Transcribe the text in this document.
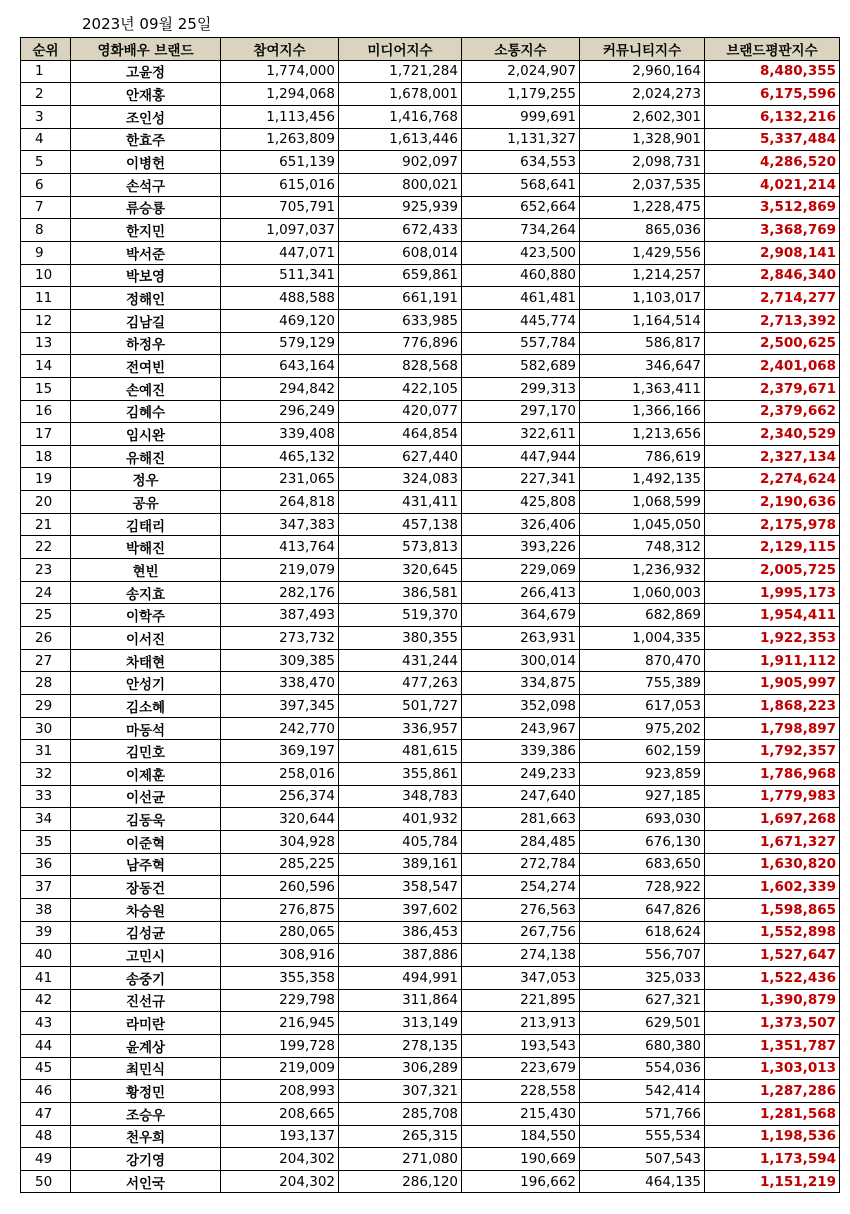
2023년 09월 25일
순위	영화배우 브랜드	참여지수	미디어지수	소통지수	커뮤니티지수	브랜드평판지수
1	고윤정	1,774,000	1,721,284	2,024,907	2,960,164	8,480,355
2	안재홍	1,294,068	1,678,001	1,179,255	2,024,273	6,175,596
3	조인성	1,113,456	1,416,768	999,691	2,602,301	6,132,216
4	한효주	1,263,809	1,613,446	1,131,327	1,328,901	5,337,484
5	이병헌	651,139	902,097	634,553	2,098,731	4,286,520
6	손석구	615,016	800,021	568,641	2,037,535	4,021,214
7	류승룡	705,791	925,939	652,664	1,228,475	3,512,869
8	한지민	1,097,037	672,433	734,264	865,036	3,368,769
9	박서준	447,071	608,014	423,500	1,429,556	2,908,141
10	박보영	511,341	659,861	460,880	1,214,257	2,846,340
11	정해인	488,588	661,191	461,481	1,103,017	2,714,277
12	김남길	469,120	633,985	445,774	1,164,514	2,713,392
13	하정우	579,129	776,896	557,784	586,817	2,500,625
14	전여빈	643,164	828,568	582,689	346,647	2,401,068
15	손예진	294,842	422,105	299,313	1,363,411	2,379,671
16	김혜수	296,249	420,077	297,170	1,366,166	2,379,662
17	임시완	339,408	464,854	322,611	1,213,656	2,340,529
18	유해진	465,132	627,440	447,944	786,619	2,327,134
19	정우	231,065	324,083	227,341	1,492,135	2,274,624
20	공유	264,818	431,411	425,808	1,068,599	2,190,636
21	김태리	347,383	457,138	326,406	1,045,050	2,175,978
22	박해진	413,764	573,813	393,226	748,312	2,129,115
23	현빈	219,079	320,645	229,069	1,236,932	2,005,725
24	송지효	282,176	386,581	266,413	1,060,003	1,995,173
25	이학주	387,493	519,370	364,679	682,869	1,954,411
26	이서진	273,732	380,355	263,931	1,004,335	1,922,353
27	차태현	309,385	431,244	300,014	870,470	1,911,112
28	안성기	338,470	477,263	334,875	755,389	1,905,997
29	김소혜	397,345	501,727	352,098	617,053	1,868,223
30	마동석	242,770	336,957	243,967	975,202	1,798,897
31	김민호	369,197	481,615	339,386	602,159	1,792,357
32	이제훈	258,016	355,861	249,233	923,859	1,786,968
33	이선균	256,374	348,783	247,640	927,185	1,779,983
34	김동욱	320,644	401,932	281,663	693,030	1,697,268
35	이준혁	304,928	405,784	284,485	676,130	1,671,327
36	남주혁	285,225	389,161	272,784	683,650	1,630,820
37	장동건	260,596	358,547	254,274	728,922	1,602,339
38	차승원	276,875	397,602	276,563	647,826	1,598,865
39	김성균	280,065	386,453	267,756	618,624	1,552,898
40	고민시	308,916	387,886	274,138	556,707	1,527,647
41	송중기	355,358	494,991	347,053	325,033	1,522,436
42	진선규	229,798	311,864	221,895	627,321	1,390,879
43	라미란	216,945	313,149	213,913	629,501	1,373,507
44	윤계상	199,728	278,135	193,543	680,380	1,351,787
45	최민식	219,009	306,289	223,679	554,036	1,303,013
46	황정민	208,993	307,321	228,558	542,414	1,287,286
47	조승우	208,665	285,708	215,430	571,766	1,281,568
48	천우희	193,137	265,315	184,550	555,534	1,198,536
49	강기영	204,302	271,080	190,669	507,543	1,173,594
50	서인국	204,302	286,120	196,662	464,135	1,151,219
